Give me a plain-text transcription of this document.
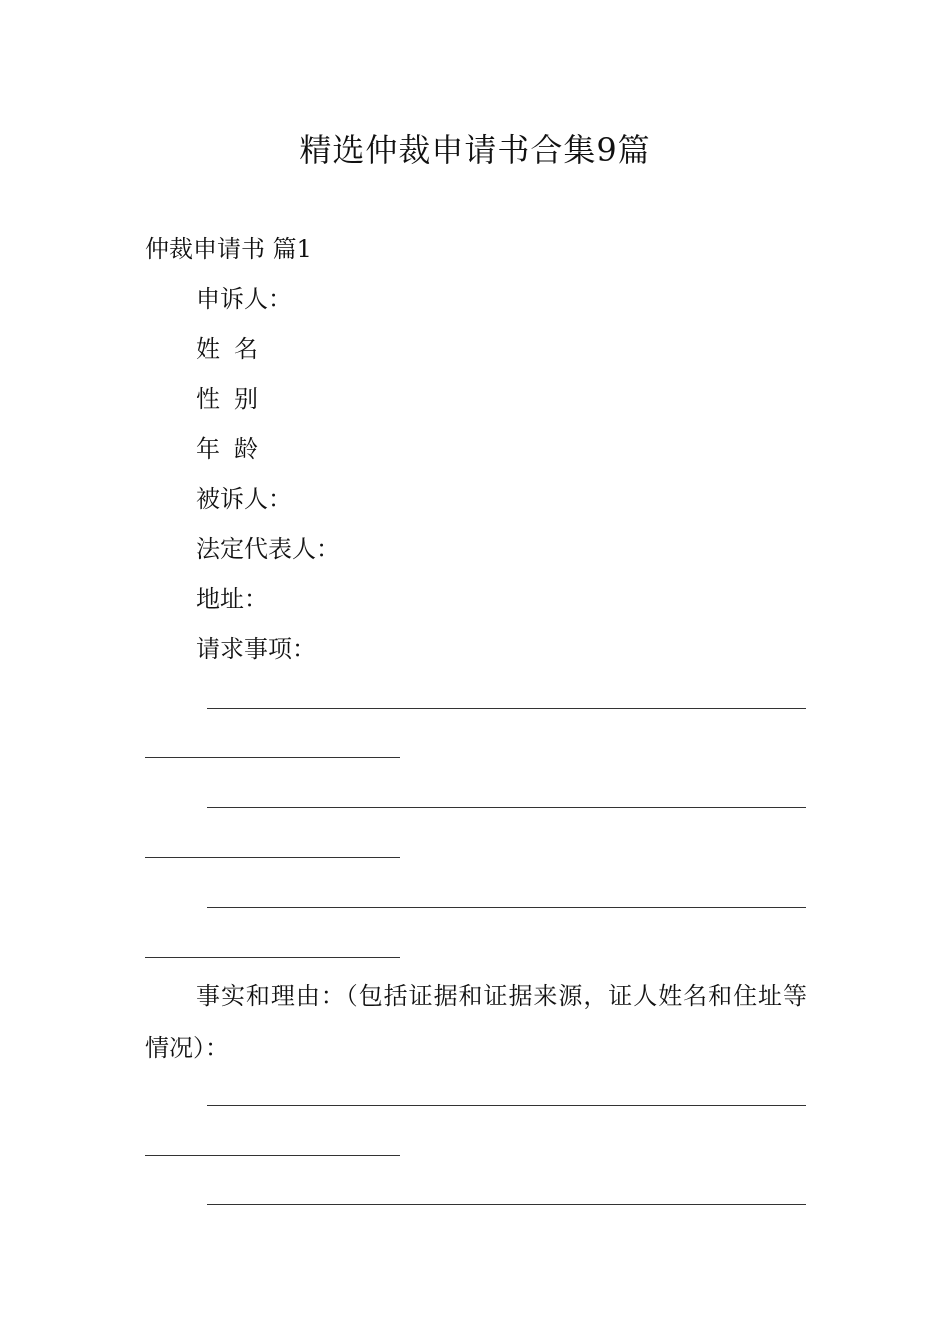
精选仲裁申请书合集9篇

仲裁申请书 篇1

申诉人：

姓 名

性 别

年 龄

被诉人：

法定代表人：

地址：

请求事项：

事实和理由：（包括证据和证据来源，证人姓名和住址等情况）：
